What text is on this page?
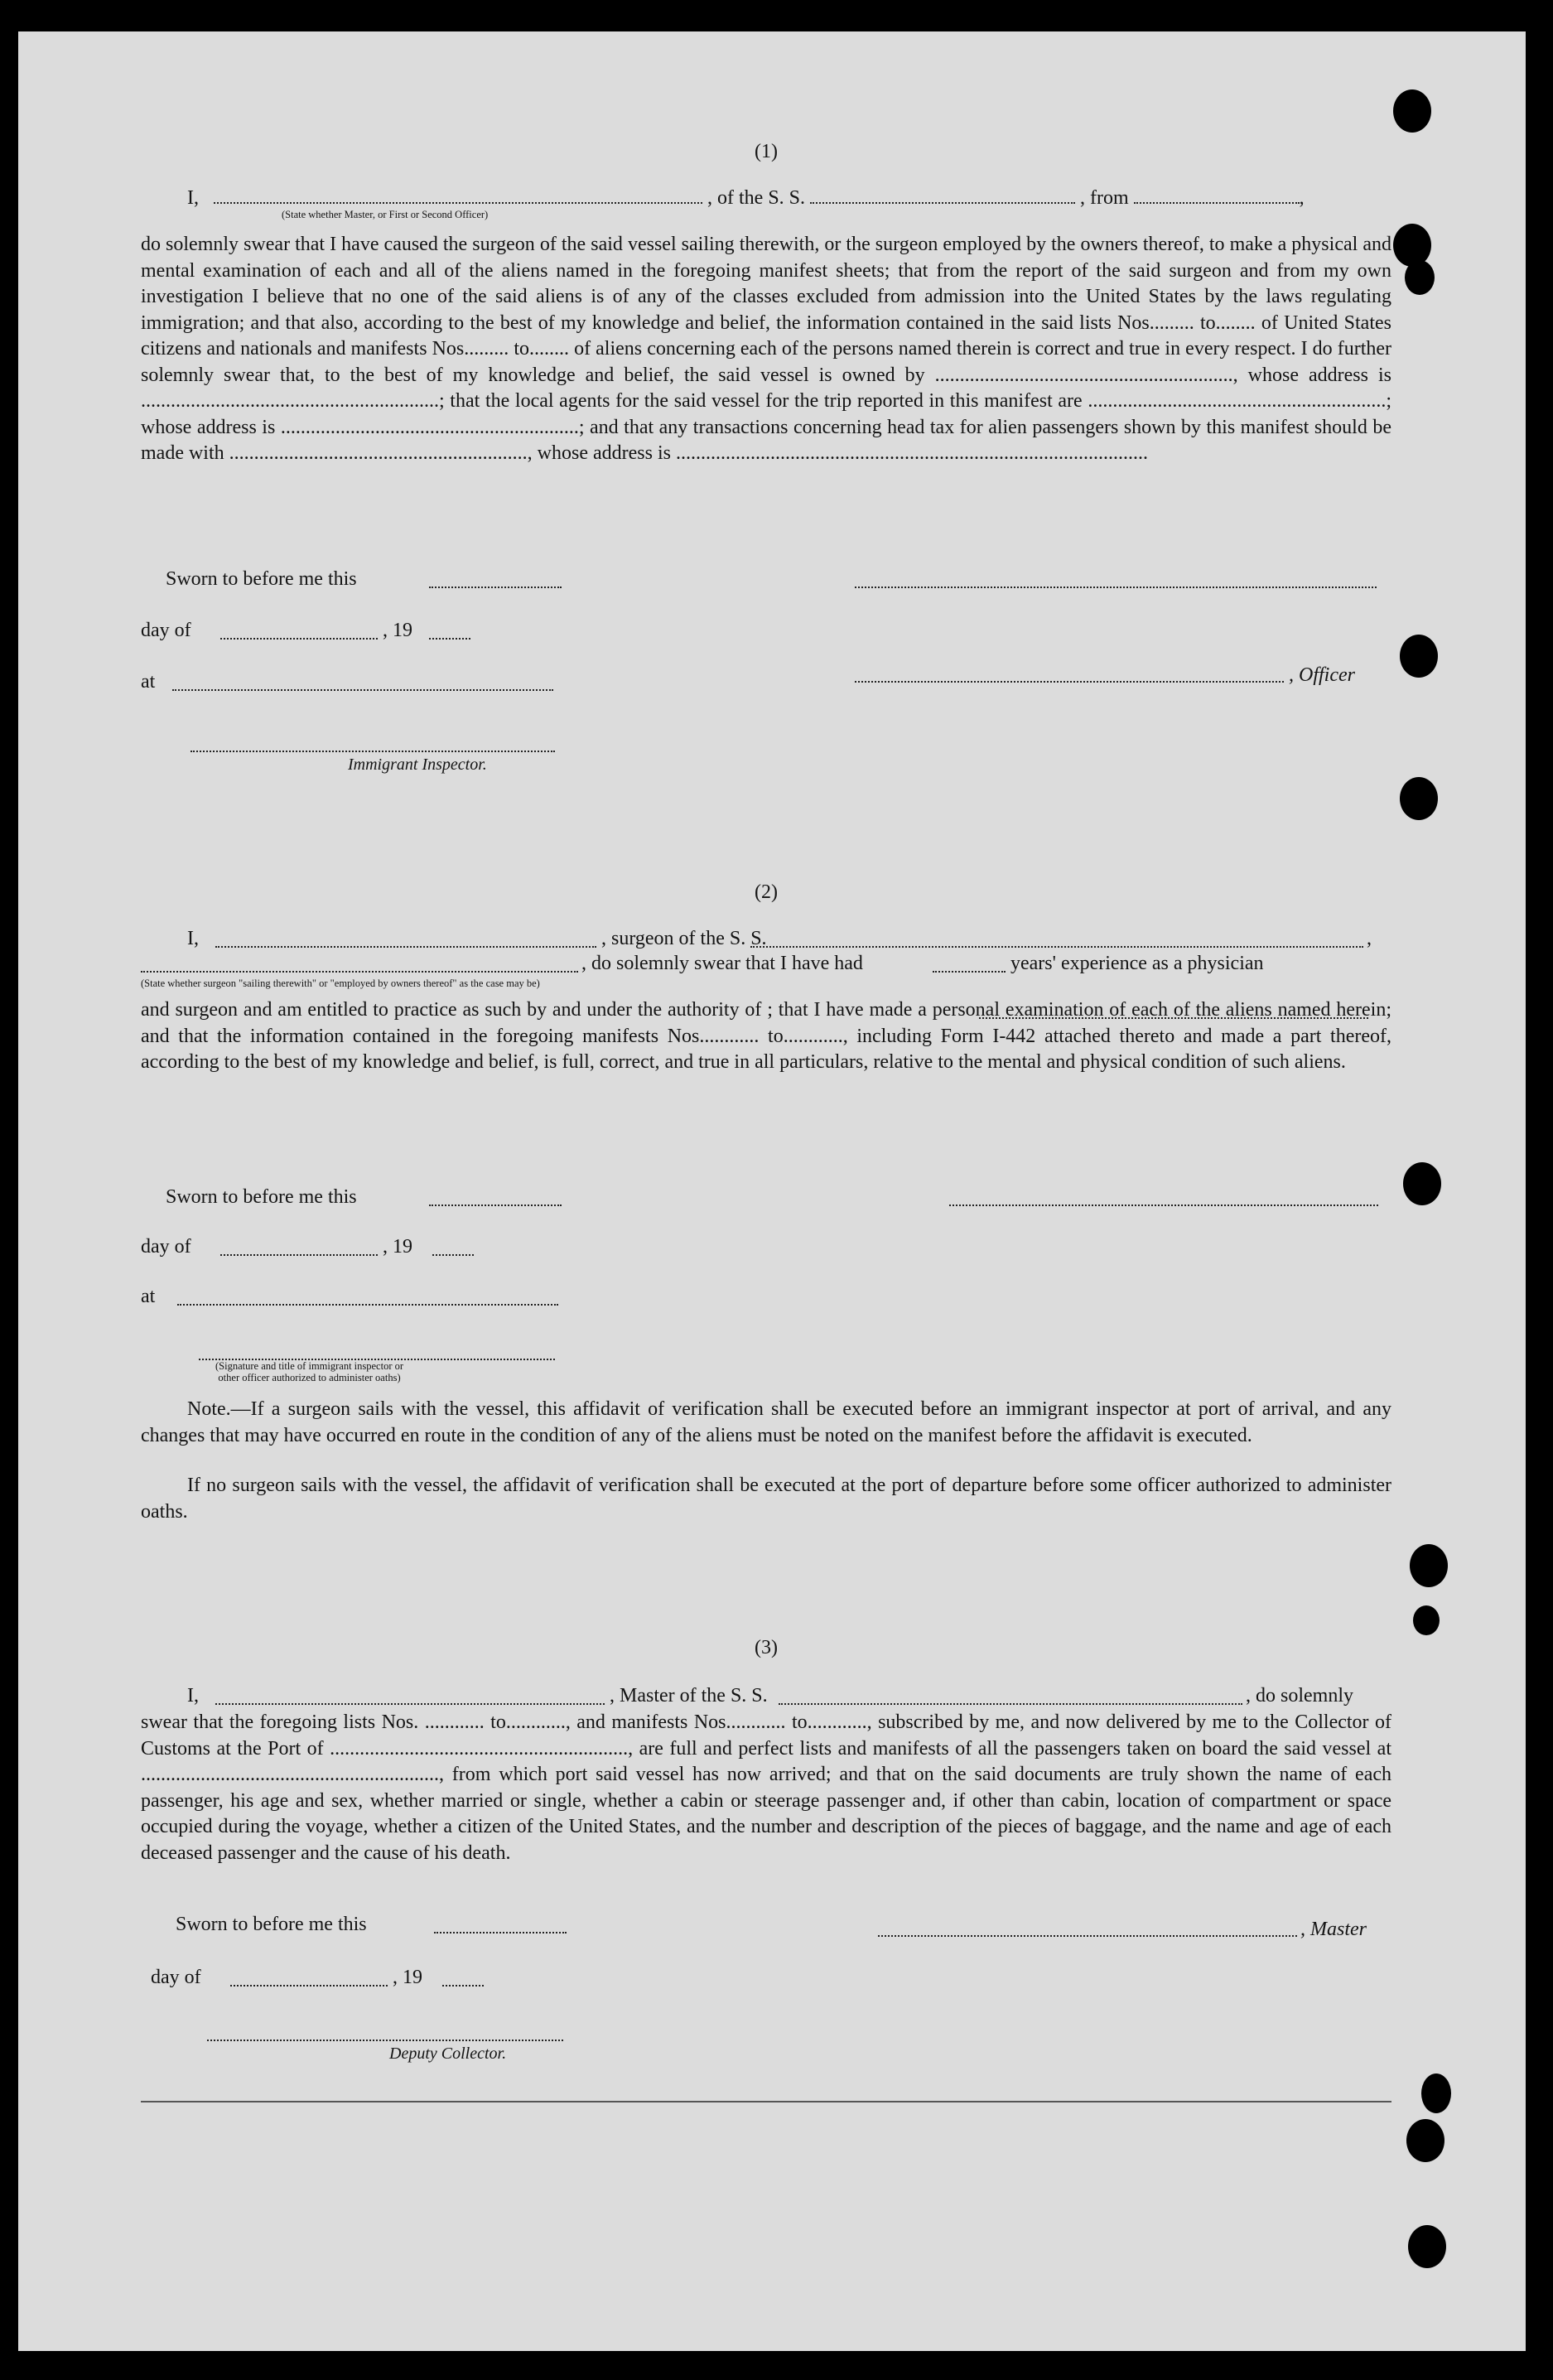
(1)
I,	, of the S. S.	, from	,
(State whether Master, or First or Second Officer)
do solemnly swear that I have caused the surgeon of the said vessel sailing therewith, or the surgeon employed by the owners thereof, to make a physical and mental examination of each and all of the aliens named in the foregoing manifest sheets; that from the report of the said surgeon and from my own investigation I believe that no one of the said aliens is of any of the classes excluded from admission into the United States by the laws regulating immigration; and that also, according to the best of my knowledge and belief, the information contained in the said lists Nos......... to........ of United States citizens and nationals and manifests Nos......... to........ of aliens concerning each of the persons named therein is correct and true in every respect. I do further solemnly swear that, to the best of my knowledge and belief, the said vessel is owned by ............................................................, whose address is ............................................................; that the local agents for the said vessel for the trip reported in this manifest are ............................................................; whose address is ............................................................; and that any transactions concerning head tax for alien passengers shown by this manifest should be made with ............................................................, whose address is ...............................................................................................
Sworn to before me this
day of	, 19
, Officer
at
Immigrant Inspector.
(2)
I,	, surgeon of the S. S.	,
, do solemnly swear that I have had	years' experience as a physician
(State whether surgeon "sailing therewith" or "employed by owners thereof" as the case may be)
and surgeon and am entitled to practice as such by and under the authority of ; that I have made a personal examination of each of the aliens named herein; and that the information contained in the foregoing manifests Nos............ to............, including Form I-442 attached thereto and made a part thereof, according to the best of my knowledge and belief, is full, correct, and true in all particulars, relative to the mental and physical condition of such aliens.
Sworn to before me this
day of	, 19
at
(Signature and title of immigrant inspector or
other officer authorized to administer oaths)
Note.—If a surgeon sails with the vessel, this affidavit of verification shall be executed before an immigrant inspector at port of arrival, and any changes that may have occurred en route in the condition of any of the aliens must be noted on the manifest before the affidavit is executed.
If no surgeon sails with the vessel, the affidavit of verification shall be executed at the port of departure before some officer authorized to administer oaths.
(3)
I,	, Master of the S. S.	, do solemnly
swear that the foregoing lists Nos. ............ to............, and manifests Nos............ to............, subscribed by me, and now delivered by me to the Collector of Customs at the Port of ............................................................, are full and perfect lists and manifests of all the passengers taken on board the said vessel at ............................................................, from which port said vessel has now arrived; and that on the said documents are truly shown the name of each passenger, his age and sex, whether married or single, whether a cabin or steerage passenger and, if other than cabin, location of compartment or space occupied during the voyage, whether a citizen of the United States, and the number and description of the pieces of baggage, and the name and age of each deceased passenger and the cause of his death.
Sworn to before me this	, Master
day of	, 19
Deputy Collector.
